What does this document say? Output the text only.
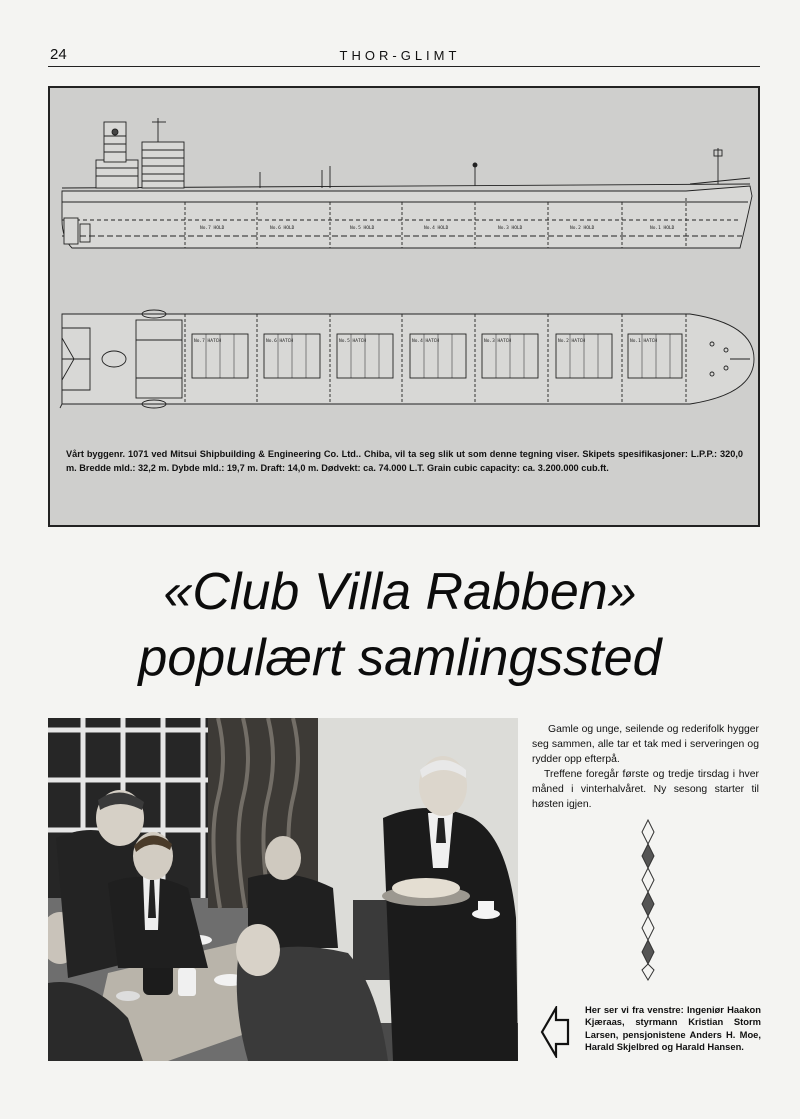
24	THOR-GLIMT
No.7 HOLD	No.6 HOLD	No.5 HOLD	No.4 HOLD	No.3 HOLD	No.2 HOLD	No.1 HOLD
No.7 HATCH	No.6 HATCH	No.5 HATCH	No.4 HATCH	No.3 HATCH	No.2 HATCH	No.1 HATCH
Vårt byggenr. 1071 ved Mitsui Shipbuilding & Engineering Co. Ltd.. Chiba, vil ta seg slik ut som denne tegning viser. Skipets spesifikasjoner: L.P.P.: 320,0 m. Bredde mld.: 32,2 m. Dybde mld.: 19,7 m. Draft: 14,0 m. Dødvekt: ca. 74.000 L.T. Grain cubic capacity: ca. 3.200.000 cub.ft.
«Club Villa Rabben»
populært samlingssted

Gamle og unge, seilende og rederifolk hygger seg sammen, alle tar et tak med i serveringen og rydder opp efterpå.

Treffene foregår første og tredje tirsdag i hver måned i vinterhalvåret. Ny sesong starter til høsten igjen.

Her ser vi fra venstre: Ingeniør Haakon Kjæraas, styrmann Kristian Storm Larsen, pensjonistene Anders H. Moe, Harald Skjelbred og Harald Hansen.
